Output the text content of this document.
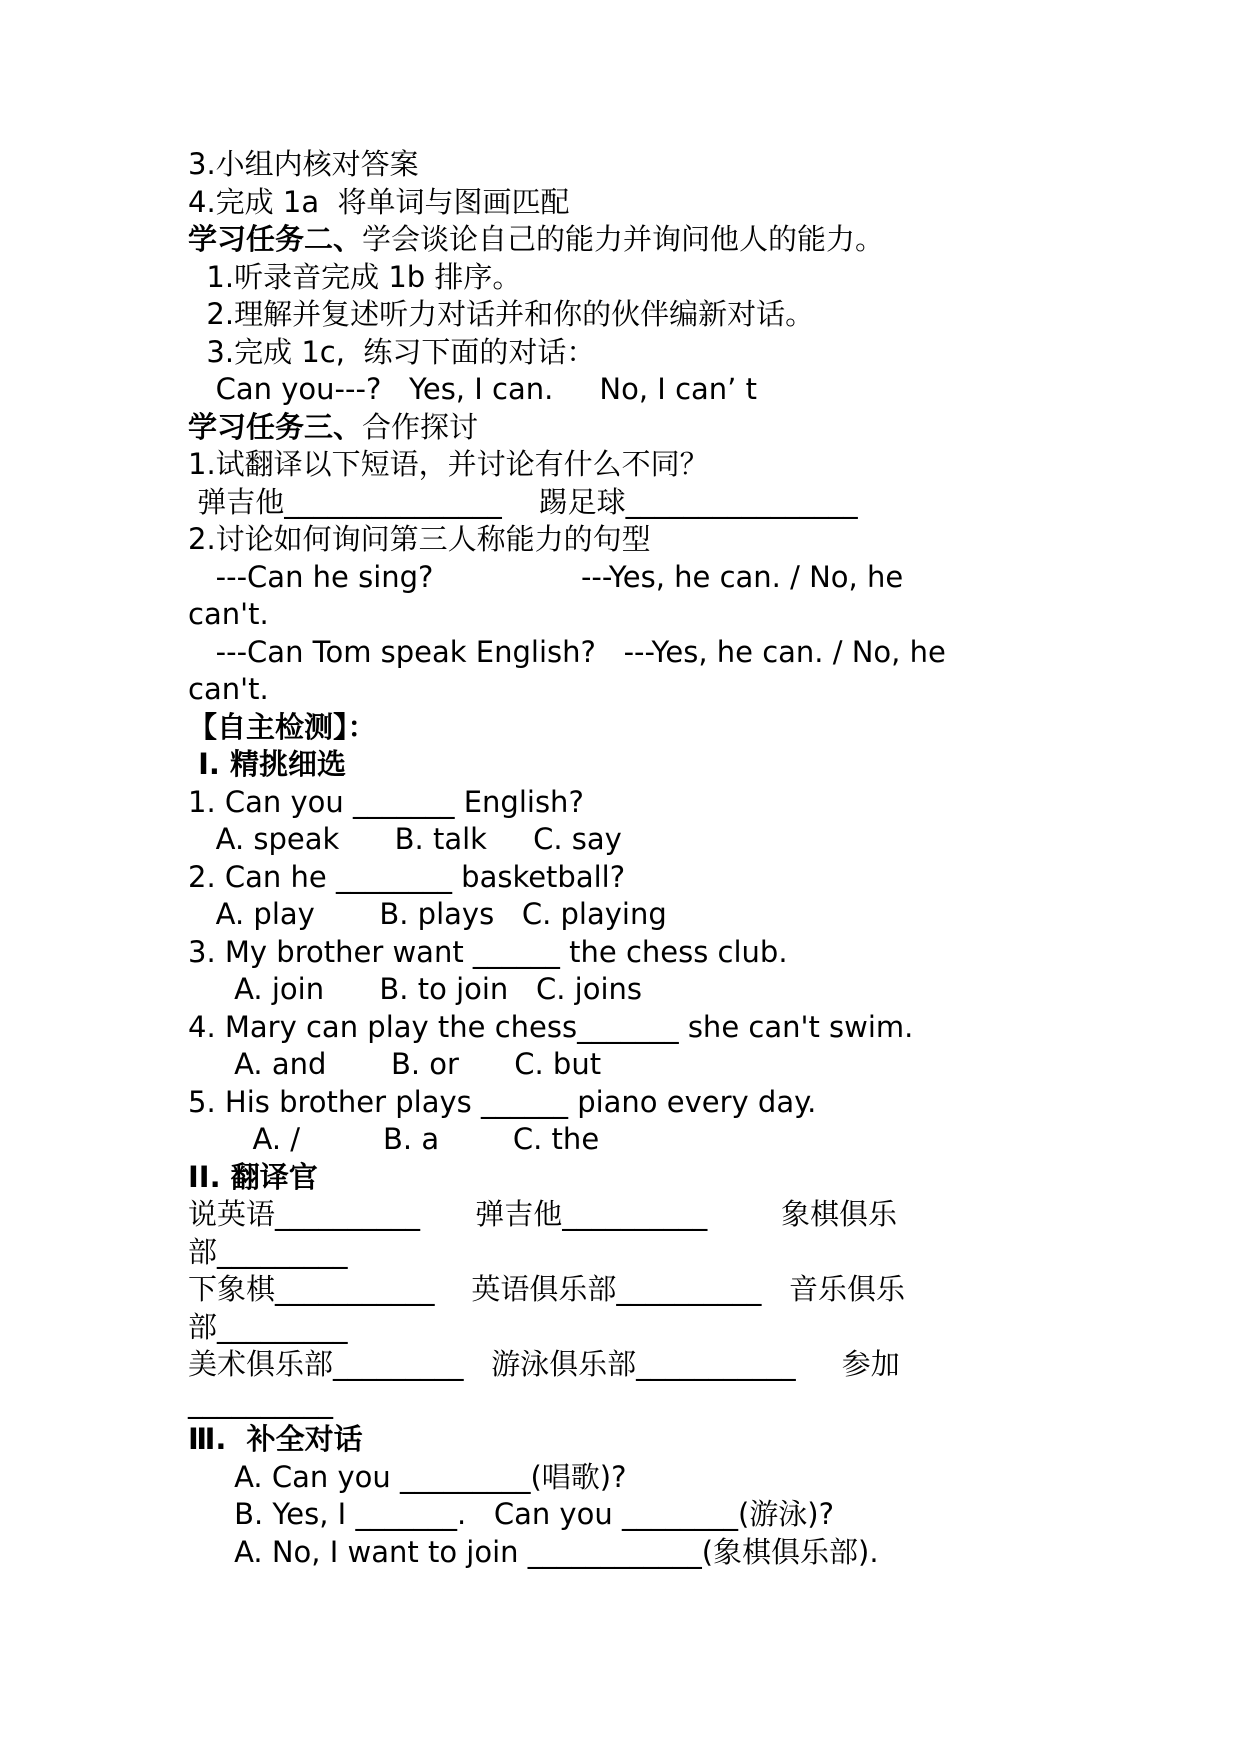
3.小组内核对答案
4.完成 1a  将单词与图画匹配
学习任务二、学会谈论自己的能力并询问他人的能力。
1.听录音完成 1b 排序。
2.理解并复述听力对话并和你的伙伴编新对话。
3.完成 1c,  练习下面的对话：
Can you---?   Yes, I can.     No, I can’ t
学习任务三、合作探讨
1.试翻译以下短语，并讨论有什么不同？
弹吉他_______________    踢足球________________
2.讨论如何询问第三人称能力的句型
---Can he sing?                ---Yes, he can. / No, he
can't.
---Can Tom speak English?   ---Yes, he can. / No, he
can't.
【自主检测】：
Ⅰ. 精挑细选
1. Can you _______ English?
A. speak      B. talk     C. say
2. Can he ________ basketball?
A. play       B. plays   C. playing
3. My brother want ______ the chess club.
A. join      B. to join   C. joins
4. Mary can play the chess_______ she can't swim.
A. and       B. or      C. but
5. His brother plays ______ piano every day.
A. /         B. a        C. the
II. 翻译官
说英语__________      弹吉他__________        象棋俱乐
部_________
下象棋___________    英语俱乐部__________   音乐俱乐
部_________
美术俱乐部_________   游泳俱乐部___________     参加
__________
Ⅲ.  补全对话
A. Can you _________(唱歌)?
B. Yes, I _______.   Can you ________(游泳)?
A. No, I want to join ____________(象棋俱乐部).
